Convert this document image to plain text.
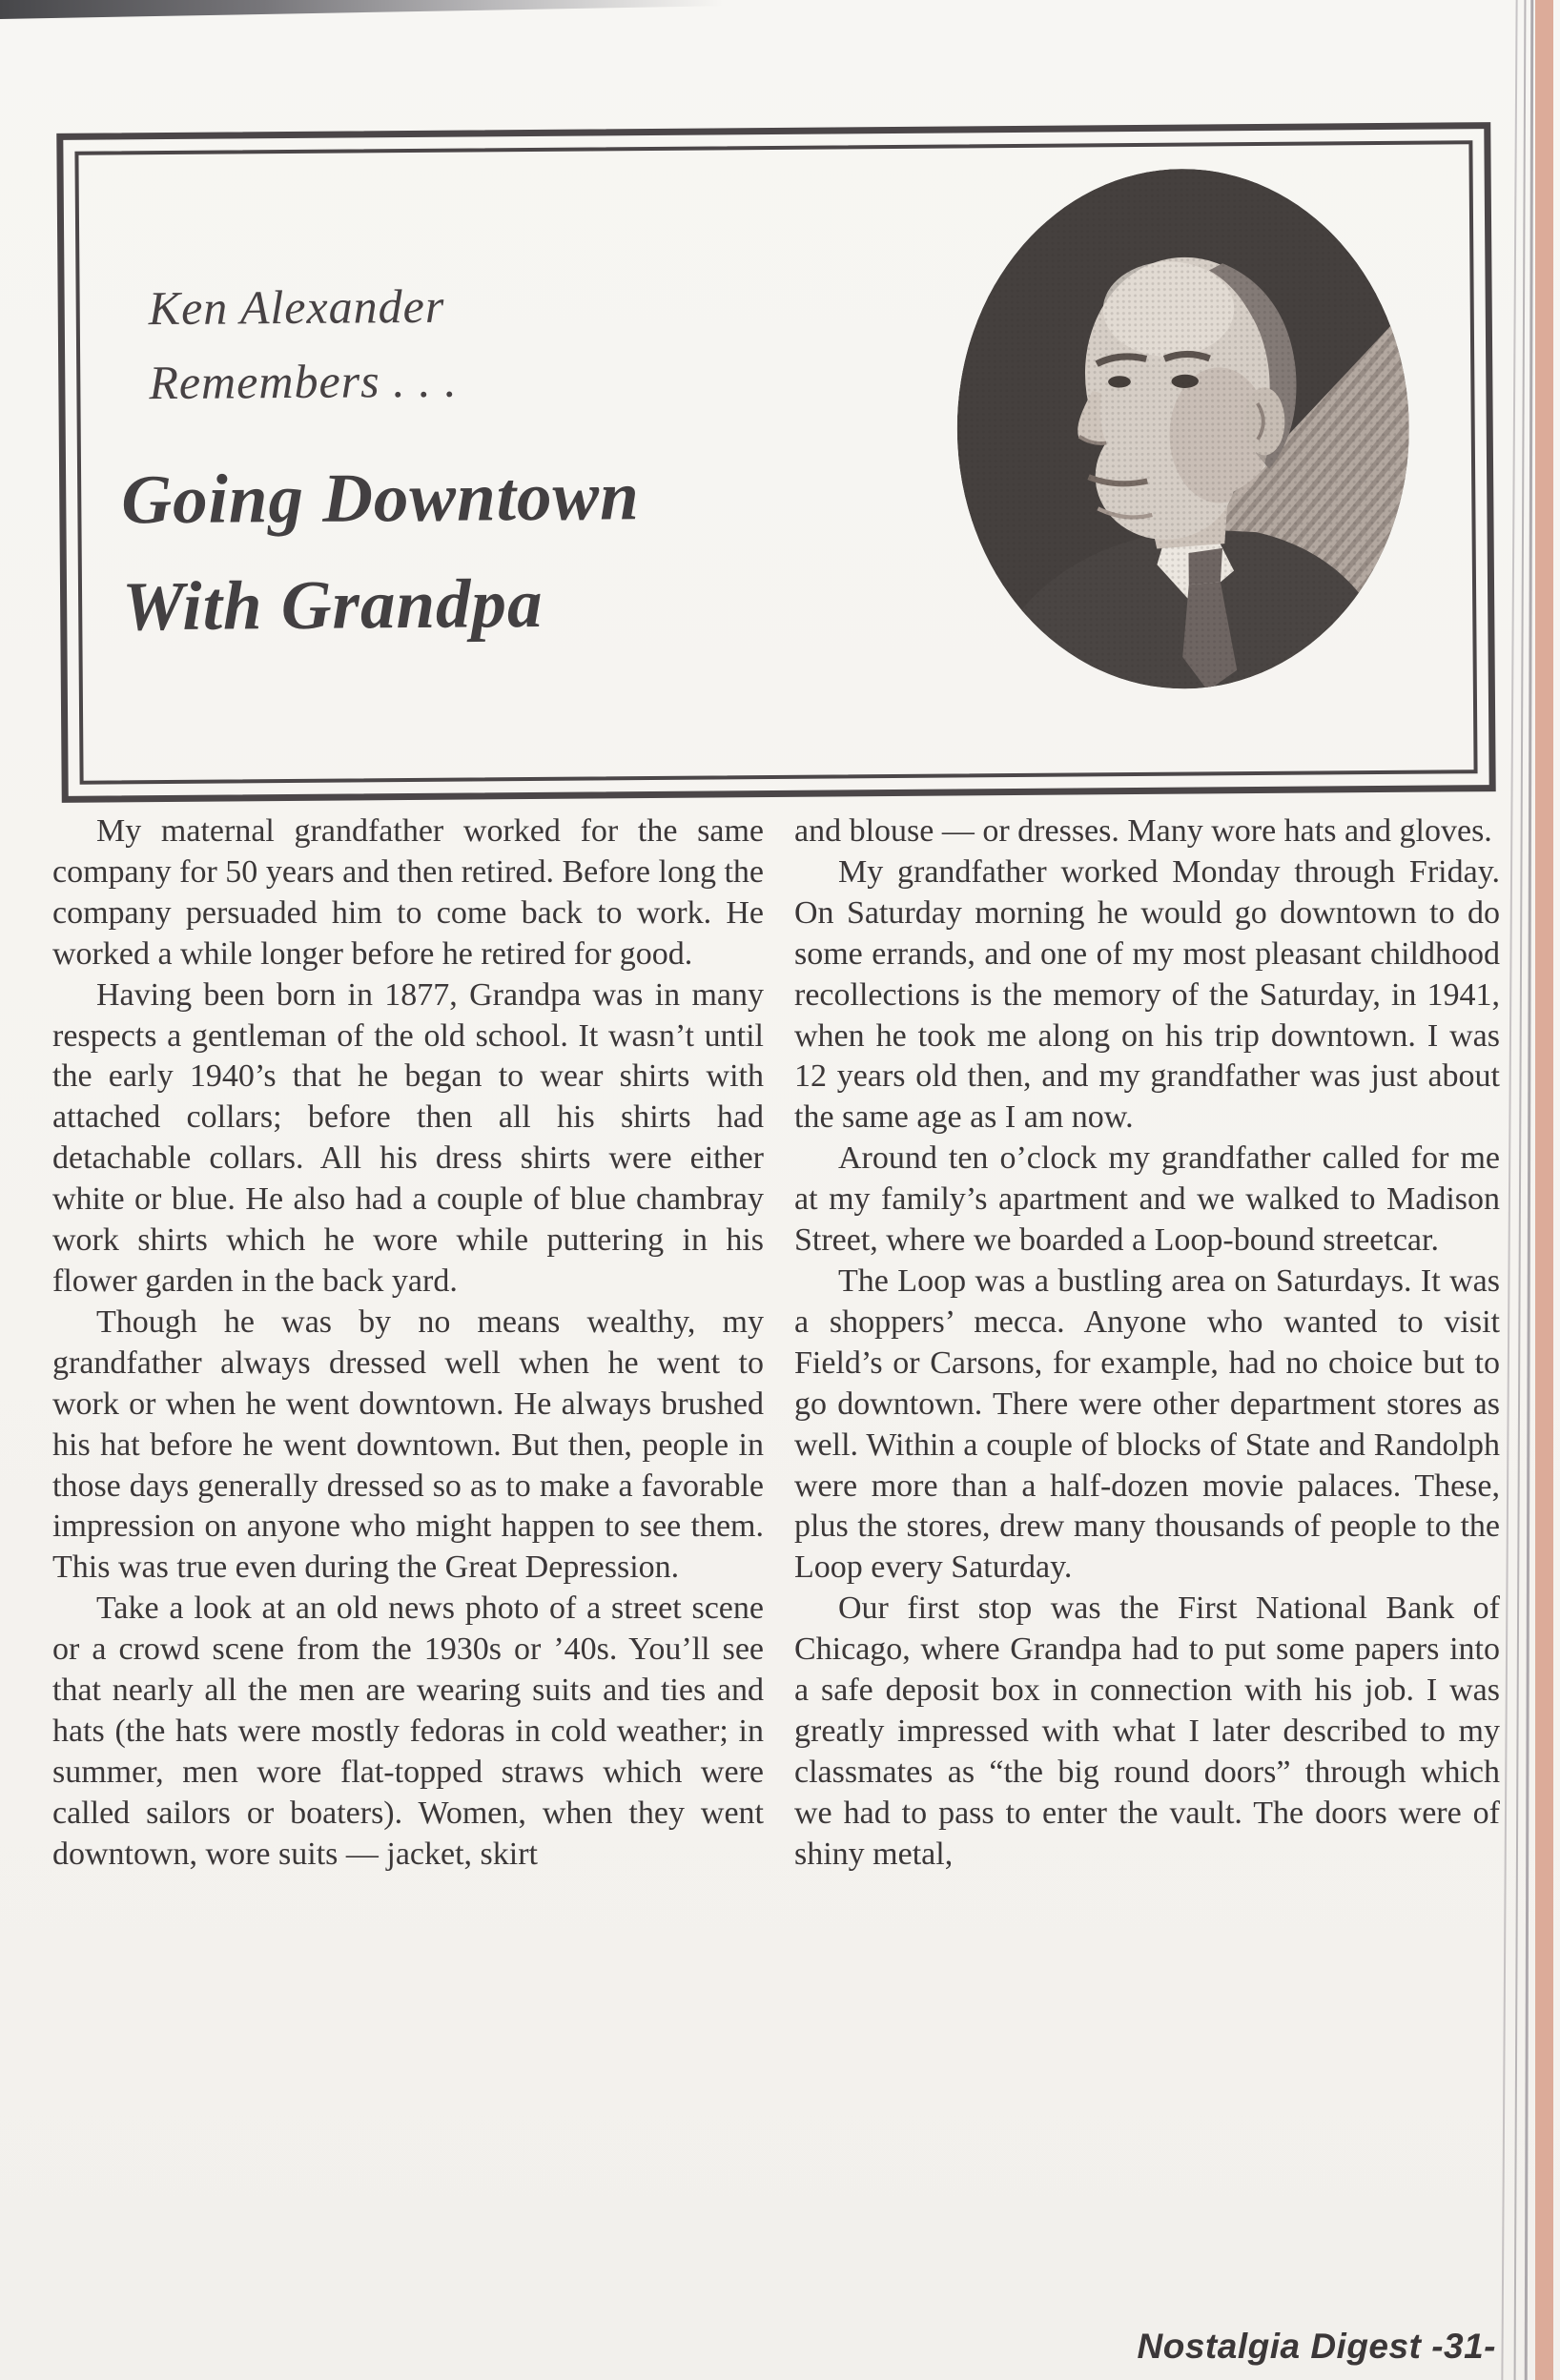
Ken Alexander
Remembers . . .
Going Downtown
With Grandpa

My maternal grandfather worked for the same company for 50 years and then retired. Before long the company persuaded him to come back to work. He worked a while longer before he retired for good.

Having been born in 1877, Grandpa was in many respects a gentleman of the old school. It wasn’t until the early 1940’s that he began to wear shirts with attached collars; before then all his shirts had detachable collars. All his dress shirts were either white or blue. He also had a couple of blue chambray work shirts which he wore while puttering in his flower garden in the back yard.

Though he was by no means wealthy, my grandfather always dressed well when he went to work or when he went downtown. He always brushed his hat before he went downtown. But then, people in those days generally dressed so as to make a favorable impression on anyone who might happen to see them. This was true even during the Great Depression.

Take a look at an old news photo of a street scene or a crowd scene from the 1930s or ’40s. You’ll see that nearly all the men are wearing suits and ties and hats (the hats were mostly fedoras in cold weather; in summer, men wore flat-topped straws which were called sailors or boaters). Women, when they went downtown, wore suits — jacket, skirt

and blouse — or dresses. Many wore hats and gloves.

My grandfather worked Monday through Friday. On Saturday morning he would go downtown to do some errands, and one of my most pleasant childhood recollections is the memory of the Saturday, in 1941, when he took me along on his trip downtown. I was 12 years old then, and my grandfather was just about the same age as I am now.

Around ten o’clock my grandfather called for me at my family’s apartment and we walked to Madison Street, where we boarded a Loop-bound streetcar.

The Loop was a bustling area on Saturdays. It was a shoppers’ mecca. Anyone who wanted to visit Field’s or Carsons, for example, had no choice but to go downtown. There were other department stores as well. Within a couple of blocks of State and Randolph were more than a half-dozen movie palaces. These, plus the stores, drew many thousands of people to the Loop every Saturday.

Our first stop was the First National Bank of Chicago, where Grandpa had to put some papers into a safe deposit box in connection with his job. I was greatly impressed with what I later described to my classmates as “the big round doors” through which we had to pass to enter the vault. The doors were of shiny metal,

Nostalgia Digest -31-
